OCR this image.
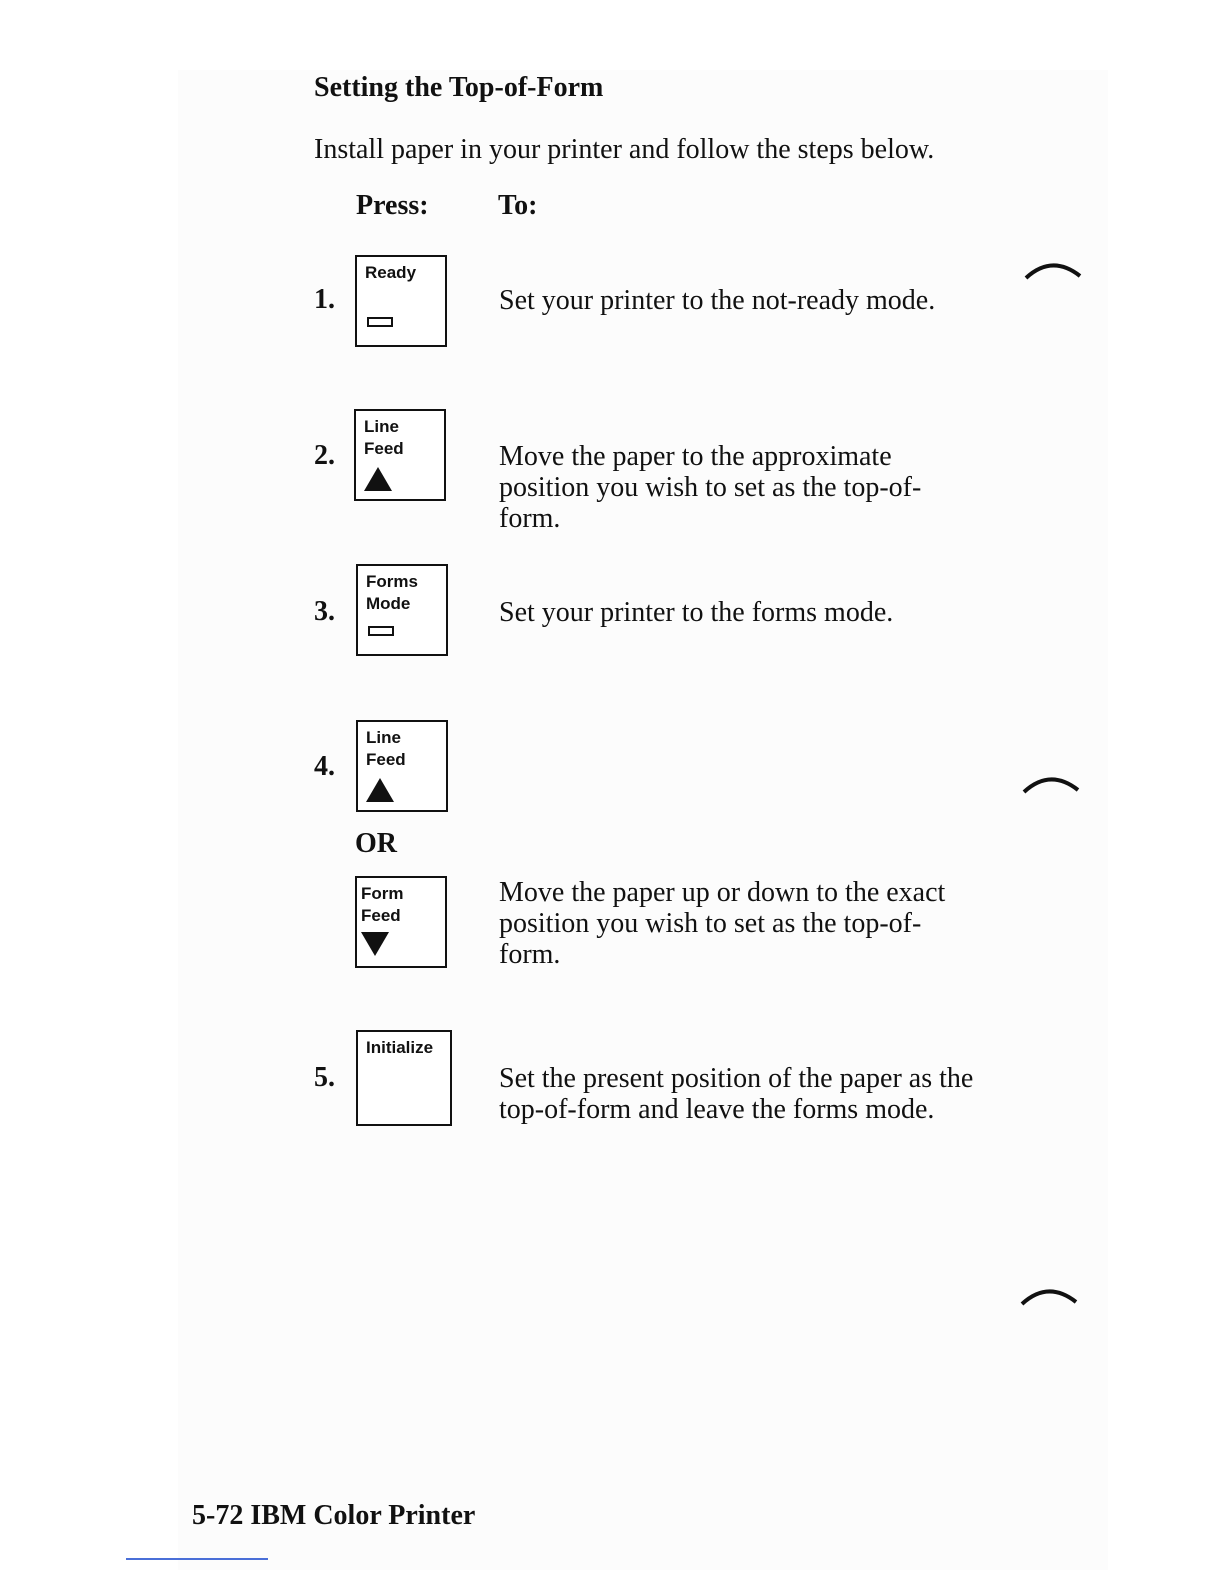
Setting the Top-of-Form
Install paper in your printer and follow the steps below.
Press: To:
1.
Ready
Set your printer to the not-ready mode.
2.
Line Feed	Move the paper to the approximate position you wish to set as the top-of-form.
3.
Forms Mode	Set your printer to the forms mode.
4.
Line Feed
OR
Form Feed
Move the paper up or down to the exact position you wish to set as the top-of-form.
5.
Initialize
Set the present position of the paper as the top-of-form and leave the forms mode.
5-72 IBM Color Printer
